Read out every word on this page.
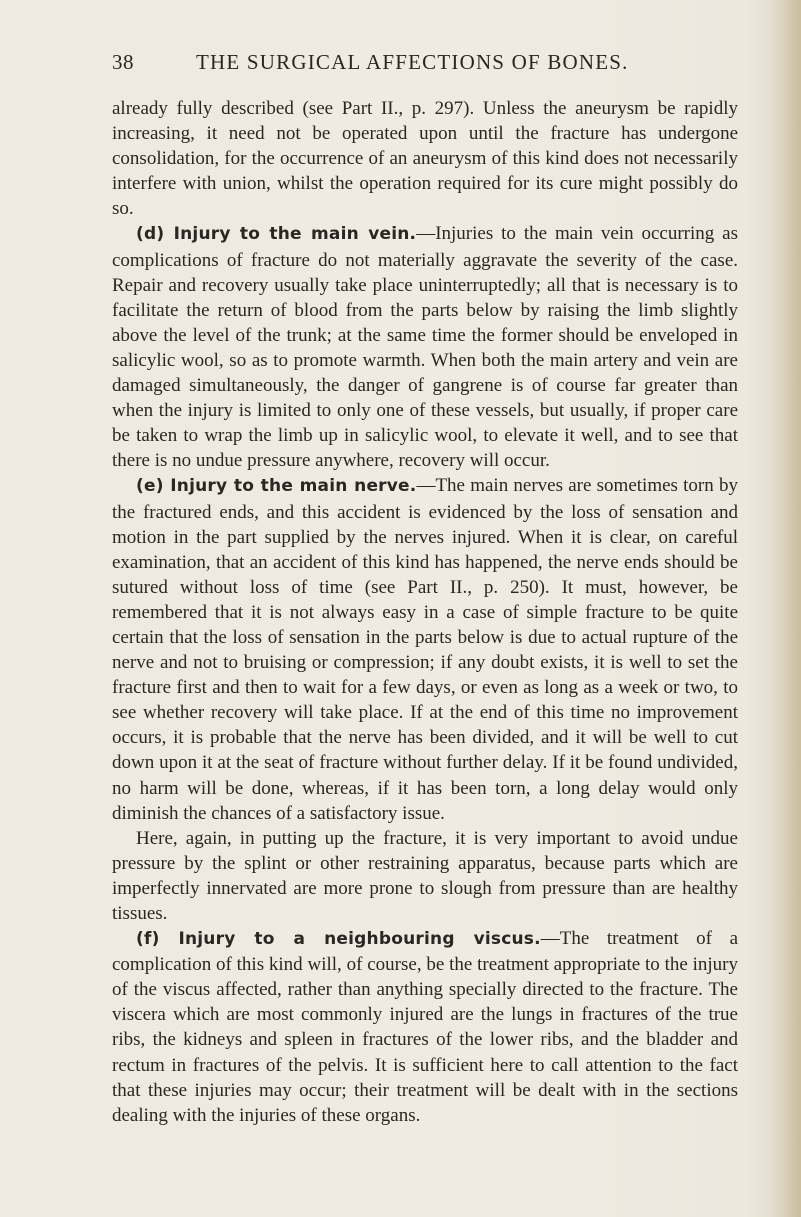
38	THE SURGICAL AFFECTIONS OF BONES.

already fully described (see Part II., p. 297). Unless the aneurysm be rapidly increasing, it need not be operated upon until the fracture has undergone consolidation, for the occurrence of an aneurysm of this kind does not necessarily interfere with union, whilst the operation required for its cure might possibly do so.

(d) Injury to the main vein.—Injuries to the main vein occurring as complications of fracture do not materially aggravate the severity of the case. Repair and recovery usually take place uninterruptedly; all that is necessary is to facilitate the return of blood from the parts below by raising the limb slightly above the level of the trunk; at the same time the former should be enveloped in salicylic wool, so as to promote warmth. When both the main artery and vein are damaged simultaneously, the danger of gangrene is of course far greater than when the injury is limited to only one of these vessels, but usually, if proper care be taken to wrap the limb up in salicylic wool, to elevate it well, and to see that there is no undue pressure anywhere, recovery will occur.

(e) Injury to the main nerve.—The main nerves are sometimes torn by the fractured ends, and this accident is evidenced by the loss of sensation and motion in the part supplied by the nerves injured. When it is clear, on careful examination, that an accident of this kind has happened, the nerve ends should be sutured without loss of time (see Part II., p. 250). It must, however, be remembered that it is not always easy in a case of simple fracture to be quite certain that the loss of sensation in the parts below is due to actual rupture of the nerve and not to bruising or compression; if any doubt exists, it is well to set the fracture first and then to wait for a few days, or even as long as a week or two, to see whether recovery will take place. If at the end of this time no improvement occurs, it is probable that the nerve has been divided, and it will be well to cut down upon it at the seat of fracture without further delay. If it be found undivided, no harm will be done, whereas, if it has been torn, a long delay would only diminish the chances of a satisfactory issue.

Here, again, in putting up the fracture, it is very important to avoid undue pressure by the splint or other restraining apparatus, because parts which are imperfectly innervated are more prone to slough from pressure than are healthy tissues.

(f) Injury to a neighbouring viscus.—The treatment of a complication of this kind will, of course, be the treatment appropriate to the injury of the viscus affected, rather than anything specially directed to the fracture. The viscera which are most commonly injured are the lungs in fractures of the true ribs, the kidneys and spleen in fractures of the lower ribs, and the bladder and rectum in fractures of the pelvis. It is sufficient here to call attention to the fact that these injuries may occur; their treatment will be dealt with in the sections dealing with the injuries of these organs.
